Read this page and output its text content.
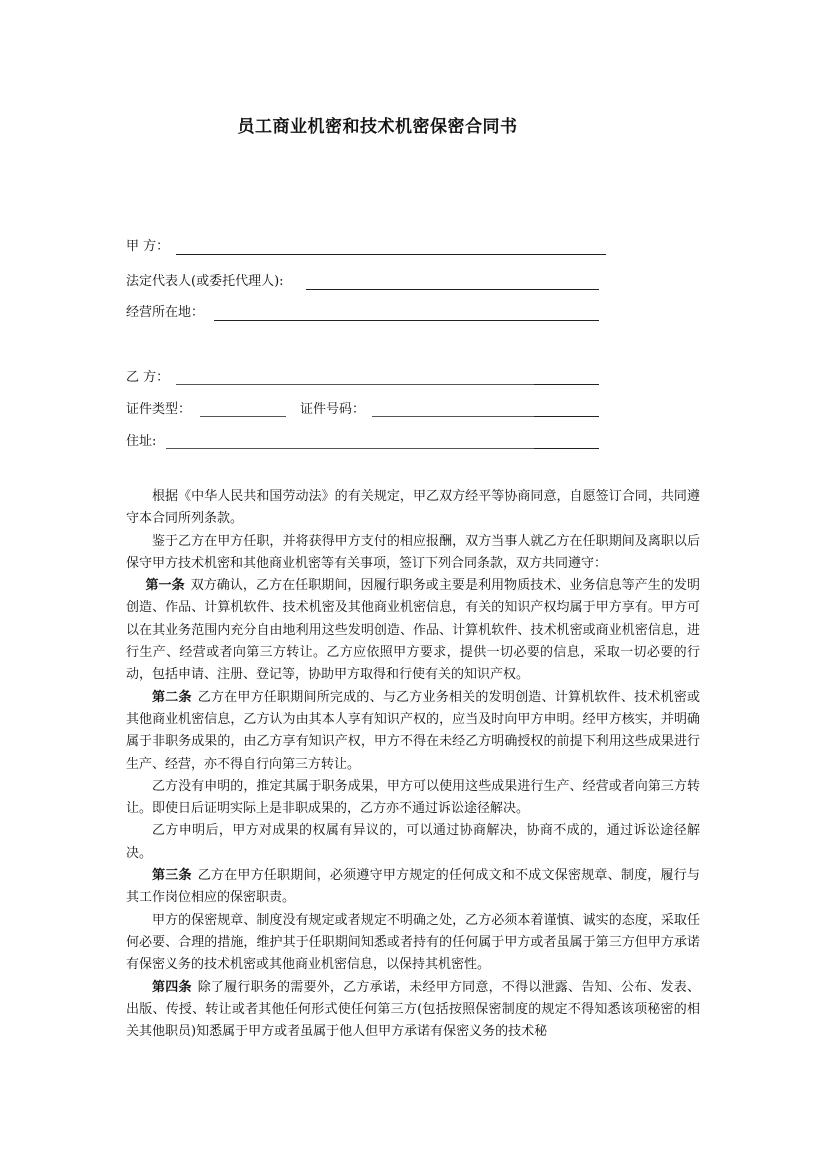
员工商业机密和技术机密保密合同书
甲 方：
法定代表人(或委托代理人):
经营所在地：
乙 方：
证件类型：	证件号码：
住址:

根据《中华人民共和国劳动法》的有关规定，甲乙双方经平等协商同意，自愿签订合同，共同遵守本合同所列条款。

鉴于乙方在甲方任职，并将获得甲方支付的相应报酬，双方当事人就乙方在任职期间及离职以后保守甲方技术机密和其他商业机密等有关事项，签订下列合同条款，双方共同遵守：

第一条 双方确认，乙方在任职期间，因履行职务或主要是利用物质技术、业务信息等产生的发明创造、作品、计算机软件、技术机密及其他商业机密信息，有关的知识产权均属于甲方享有。甲方可以在其业务范围内充分自由地利用这些发明创造、作品、计算机软件、技术机密或商业机密信息，进行生产、经营或者向第三方转让。乙方应依照甲方要求，提供一切必要的信息，采取一切必要的行动，包括申请、注册、登记等，协助甲方取得和行使有关的知识产权。

第二条 乙方在甲方任职期间所完成的、与乙方业务相关的发明创造、计算机软件、技术机密或其他商业机密信息，乙方认为由其本人享有知识产权的，应当及时向甲方申明。经甲方核实，并明确属于非职务成果的，由乙方享有知识产权，甲方不得在未经乙方明确授权的前提下利用这些成果进行生产、经营，亦不得自行向第三方转让。

乙方没有申明的，推定其属于职务成果，甲方可以使用这些成果进行生产、经营或者向第三方转让。即使日后证明实际上是非职成果的，乙方亦不通过诉讼途径解决。

乙方申明后，甲方对成果的权属有异议的，可以通过协商解决，协商不成的，通过诉讼途径解决。

第三条 乙方在甲方任职期间，必须遵守甲方规定的任何成文和不成文保密规章、制度，履行与其工作岗位相应的保密职责。

甲方的保密规章、制度没有规定或者规定不明确之处，乙方必须本着谨慎、诚实的态度，采取任何必要、合理的措施，维护其于任职期间知悉或者持有的任何属于甲方或者虽属于第三方但甲方承诺有保密义务的技术机密或其他商业机密信息，以保持其机密性。

第四条 除了履行职务的需要外，乙方承诺，未经甲方同意，不得以泄露、告知、公布、发表、出版、传授、转让或者其他任何形式使任何第三方(包括按照保密制度的规定不得知悉该项秘密的相关其他职员)知悉属于甲方或者虽属于他人但甲方承诺有保密义务的技术秘
